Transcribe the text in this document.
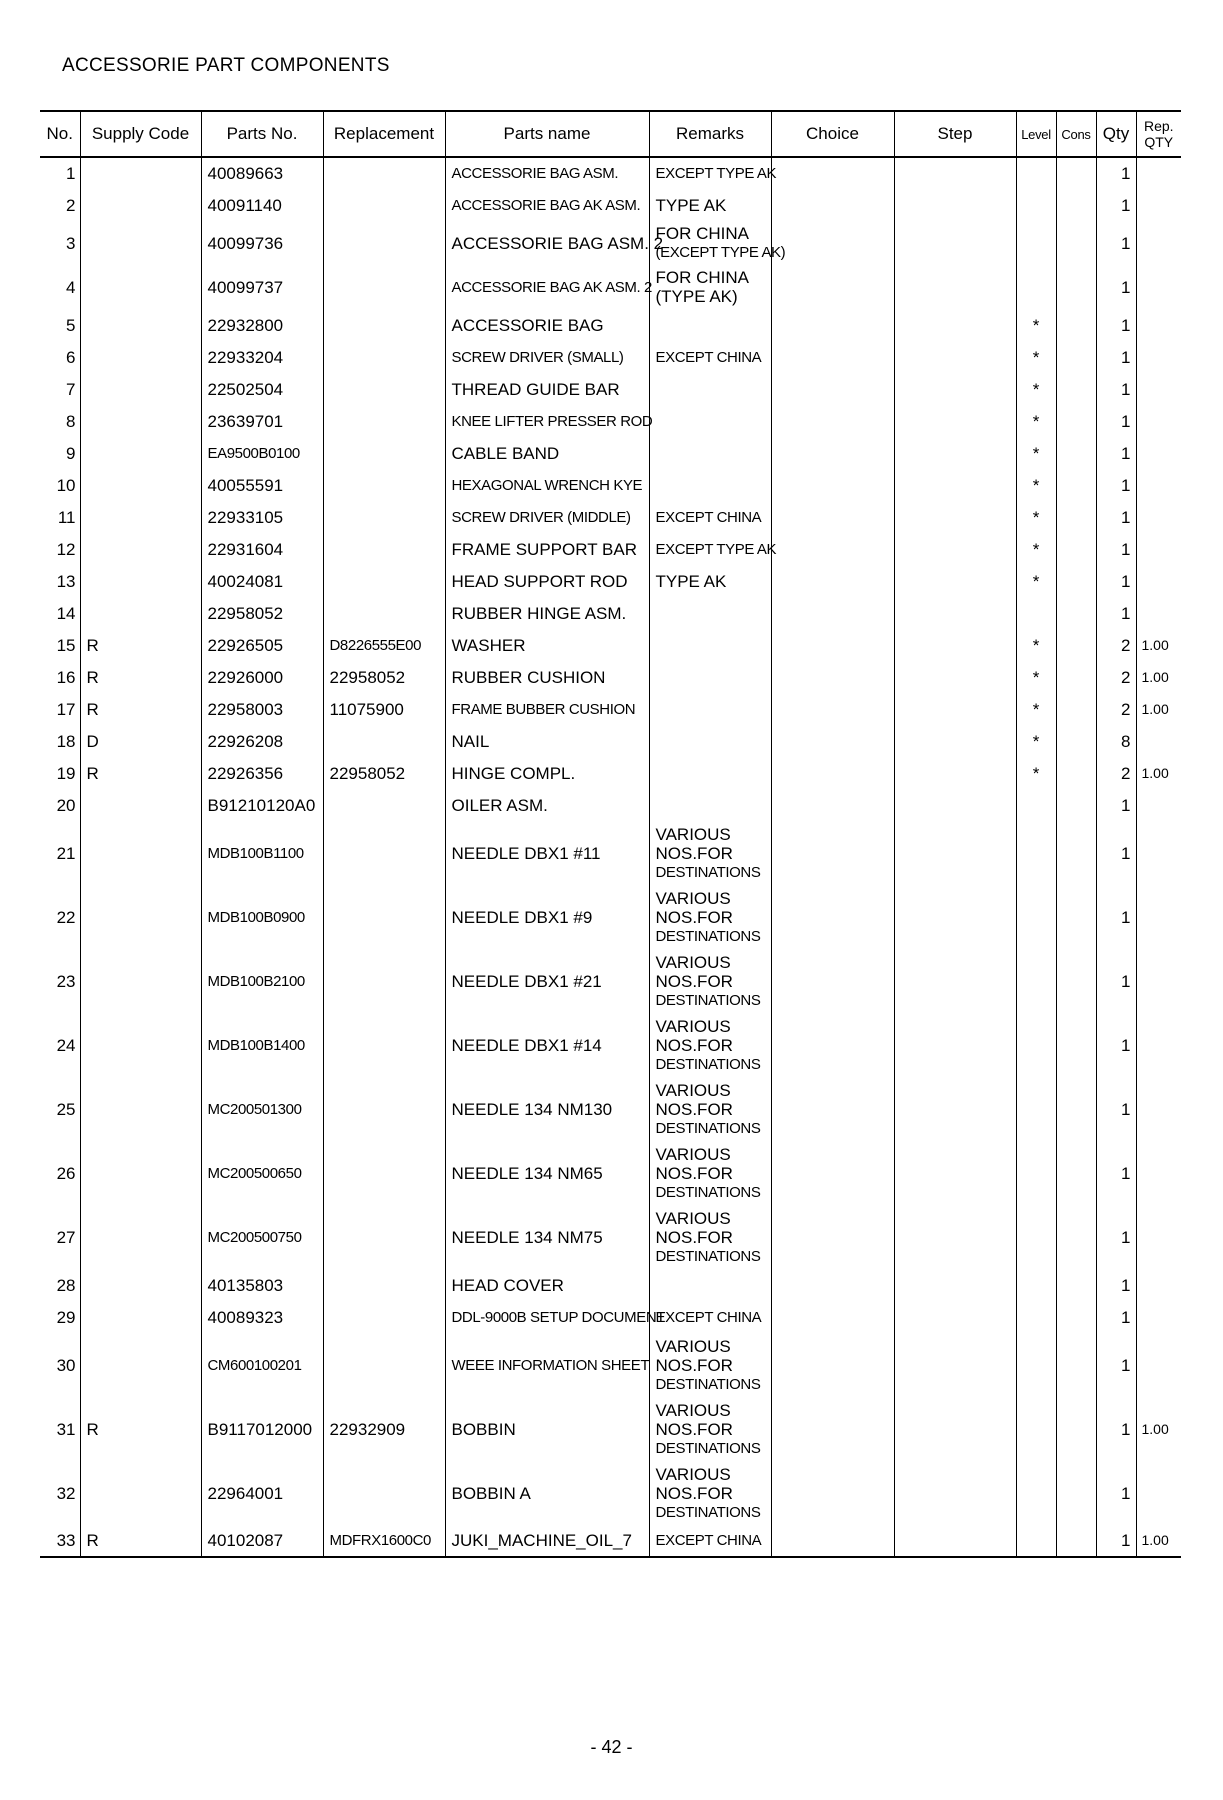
ACCESSORIE PART COMPONENTS
No.	Supply Code	Parts No.	Replacement	Parts name	Remarks	Choice	Step	Level	Cons	Qty	Rep.
QTY
1		40089663		ACCESSORIE BAG ASM.	EXCEPT TYPE AK					1	
2		40091140		ACCESSORIE BAG AK ASM.	TYPE AK					1	
3		40099736		ACCESSORIE BAG ASM. 2	FOR CHINA
(EXCEPT TYPE AK)					1	
4		40099737		ACCESSORIE BAG AK ASM. 2	FOR CHINA
(TYPE AK)					1	
5		22932800		ACCESSORIE BAG				*		1	
6		22933204		SCREW DRIVER (SMALL)	EXCEPT CHINA			*		1	
7		22502504		THREAD GUIDE BAR				*		1	
8		23639701		KNEE LIFTER PRESSER ROD				*		1	
9		EA9500B0100		CABLE BAND				*		1	
10		40055591		HEXAGONAL WRENCH KYE				*		1	
11		22933105		SCREW DRIVER (MIDDLE)	EXCEPT CHINA			*		1	
12		22931604		FRAME SUPPORT BAR	EXCEPT TYPE AK			*		1	
13		40024081		HEAD SUPPORT ROD	TYPE AK			*		1	
14		22958052		RUBBER HINGE ASM.						1	
15	R	22926505	D8226555E00	WASHER				*		2	1.00
16	R	22926000	22958052	RUBBER CUSHION				*		2	1.00
17	R	22958003	11075900	FRAME BUBBER CUSHION				*		2	1.00
18	D	22926208		NAIL				*		8	
19	R	22926356	22958052	HINGE COMPL.				*		2	1.00
20		B91210120A0		OILER ASM.						1	
21		MDB100B1100		NEEDLE DBX1 #11	VARIOUS
NOS.FOR
DESTINATIONS					1	
22		MDB100B0900		NEEDLE DBX1 #9	VARIOUS
NOS.FOR
DESTINATIONS					1	
23		MDB100B2100		NEEDLE DBX1 #21	VARIOUS
NOS.FOR
DESTINATIONS					1	
24		MDB100B1400		NEEDLE DBX1 #14	VARIOUS
NOS.FOR
DESTINATIONS					1	
25		MC200501300		NEEDLE 134 NM130	VARIOUS
NOS.FOR
DESTINATIONS					1	
26		MC200500650		NEEDLE 134 NM65	VARIOUS
NOS.FOR
DESTINATIONS					1	
27		MC200500750		NEEDLE 134 NM75	VARIOUS
NOS.FOR
DESTINATIONS					1	
28		40135803		HEAD COVER						1	
29		40089323		DDL-9000B SETUP DOCUMENT	EXCEPT CHINA					1	
30		CM600100201		WEEE INFORMATION SHEET	VARIOUS
NOS.FOR
DESTINATIONS					1	
31	R	B9117012000	22932909	BOBBIN	VARIOUS
NOS.FOR
DESTINATIONS					1	1.00
32		22964001		BOBBIN A	VARIOUS
NOS.FOR
DESTINATIONS					1	
33	R	40102087	MDFRX1600C0	JUKI_MACHINE_OIL_7	EXCEPT CHINA					1	1.00
- 42 -
